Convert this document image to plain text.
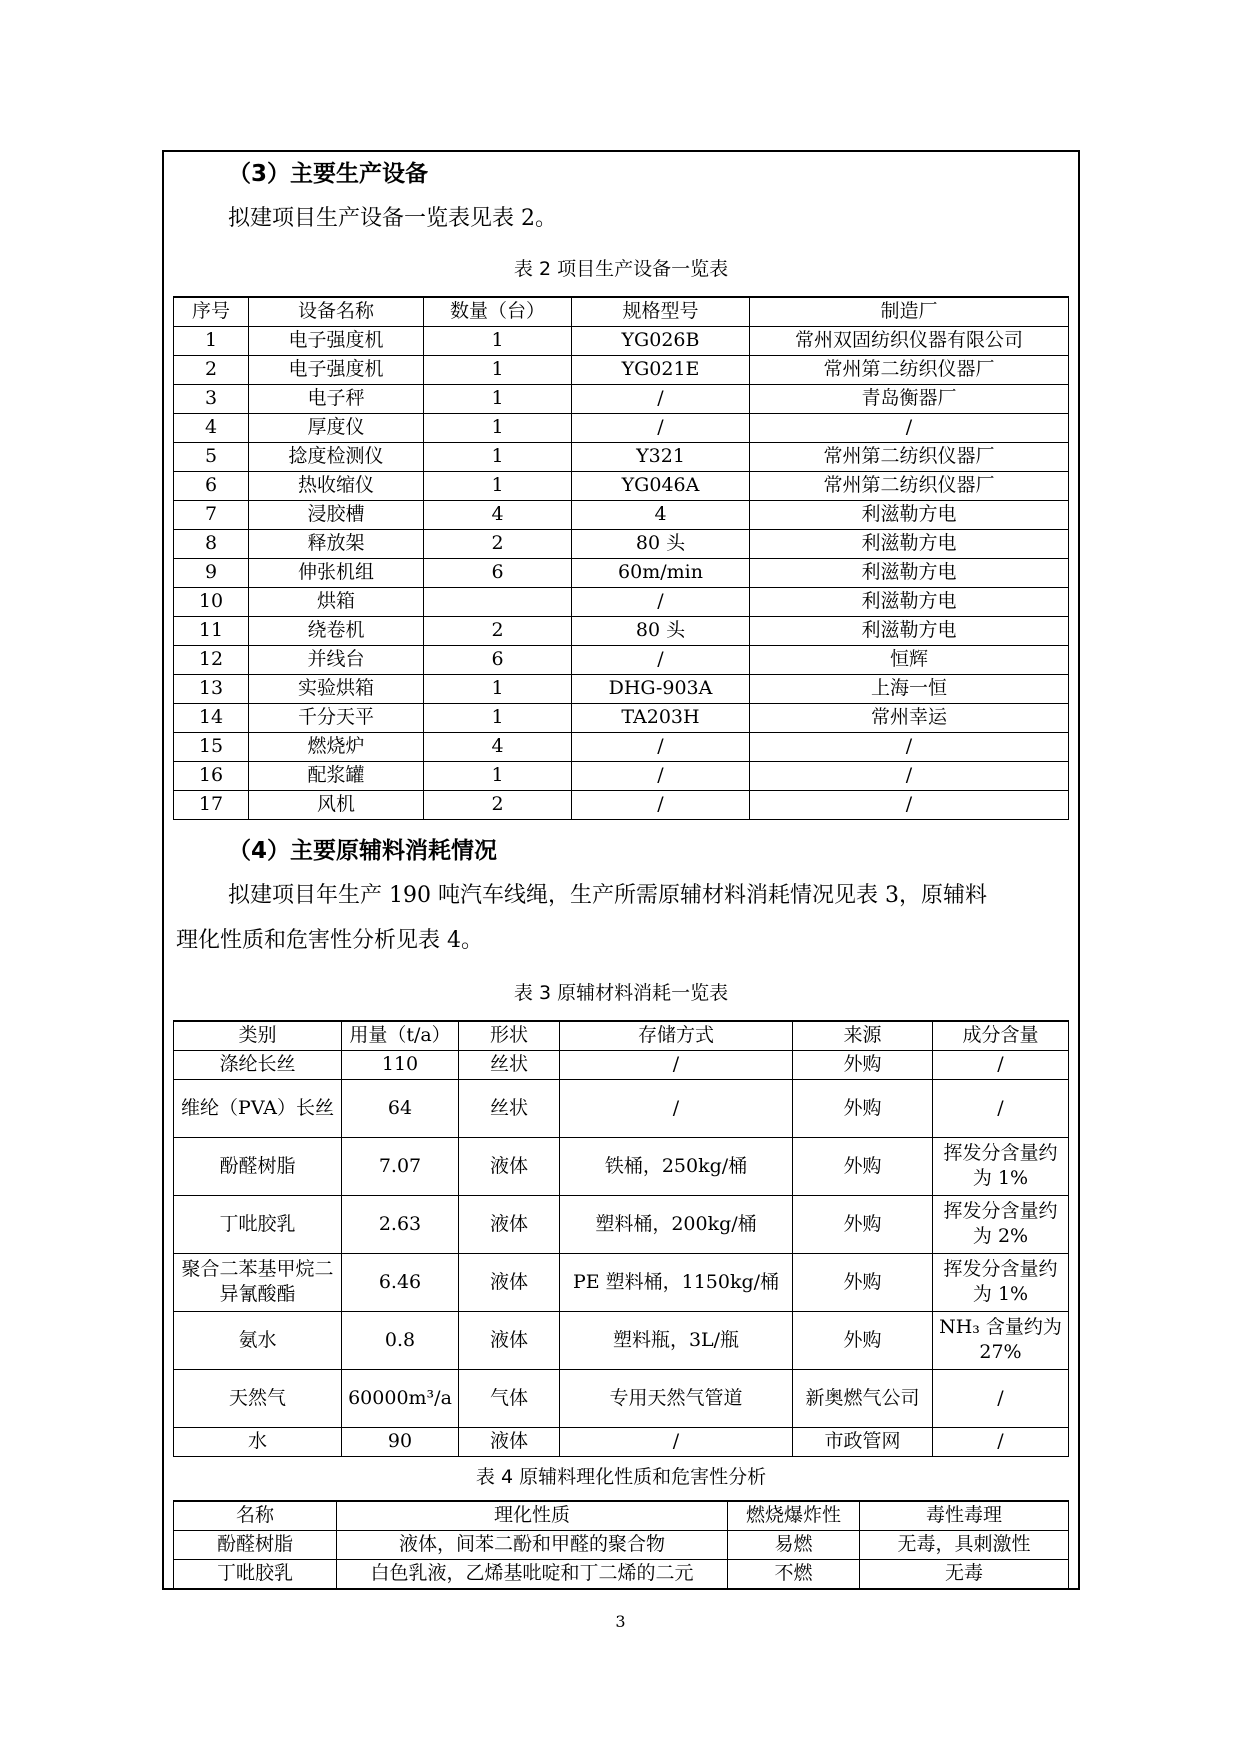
（3）主要生产设备
拟建项目生产设备一览表见表 2。
表 2 项目生产设备一览表
序号	设备名称	数量（台）	规格型号	制造厂
1	电子强度机	1	YG026B	常州双固纺织仪器有限公司
2	电子强度机	1	YG021E	常州第二纺织仪器厂
3	电子秤	1	/	青岛衡器厂
4	厚度仪	1	/	/
5	捻度检测仪	1	Y321	常州第二纺织仪器厂
6	热收缩仪	1	YG046A	常州第二纺织仪器厂
7	浸胶槽	4	4	利滋勒方电
8	释放架	2	80 头	利滋勒方电
9	伸张机组	6	60m/min	利滋勒方电
10	烘箱		/	利滋勒方电
11	绕卷机	2	80 头	利滋勒方电
12	并线台	6	/	恒辉
13	实验烘箱	1	DHG-903A	上海一恒
14	千分天平	1	TA203H	常州幸运
15	燃烧炉	4	/	/
16	配浆罐	1	/	/
17	风机	2	/	/
（4）主要原辅料消耗情况
拟建项目年生产 190 吨汽车线绳，生产所需原辅材料消耗情况见表 3，原辅料
理化性质和危害性分析见表 4。
表 3 原辅材料消耗一览表
类别	用量（t/a）	形状	存储方式	来源	成分含量
涤纶长丝	110	丝状	/	外购	/
维纶（PVA）长丝	64	丝状	/	外购	/
酚醛树脂	7.07	液体	铁桶，250kg/桶	外购	挥发分含量约为 1%
丁吡胶乳	2.63	液体	塑料桶，200kg/桶	外购	挥发分含量约为 2%
聚合二苯基甲烷二异氰酸酯	6.46	液体	PE 塑料桶，1150kg/桶	外购	挥发分含量约为 1%
氨水	0.8	液体	塑料瓶，3L/瓶	外购	NH₃ 含量约为 27%
天然气	60000m³/a	气体	专用天然气管道	新奥燃气公司	/
水	90	液体	/	市政管网	/
表 4 原辅料理化性质和危害性分析
名称	理化性质	燃烧爆炸性	毒性毒理
酚醛树脂	液体，间苯二酚和甲醛的聚合物	易燃	无毒，具刺激性
丁吡胶乳	白色乳液，乙烯基吡啶和丁二烯的二元	不燃	无毒
3
